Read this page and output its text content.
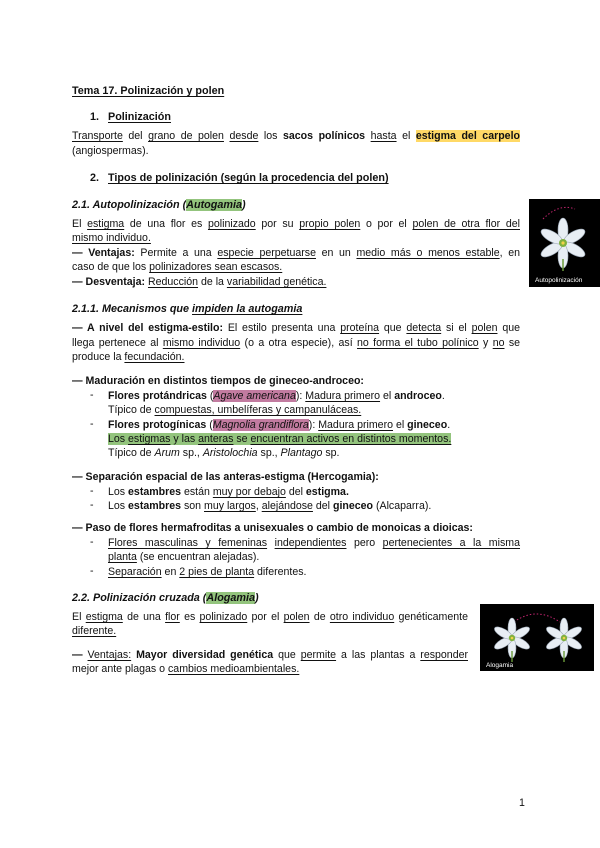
Tema 17. Polinización y polen
1. Polinización
Transporte del grano de polen desde los sacos polínicos hasta el estigma del carpelo
(angiospermas).
2. Tipos de polinización (según la procedencia del polen)
2.1. Autopolinización (Autogamia)
El estigma de una flor es polinizado por su propio polen o por el polen de otra flor del
mismo individuo.
— Ventajas: Permite a una especie perpetuarse en un medio más o menos estable, en
caso de que los polinizadores sean escasos.
— Desventaja: Reducción de la variabilidad genética.	Autopolinización
2.1.1. Mecanismos que impiden la autogamia
— A nivel del estigma-estilo: El estilo presenta una proteína que detecta si el polen que
llega pertenece al mismo individuo (o a otra especie), así no forma el tubo polínico y no se
produce la fecundación.
— Maduración en distintos tiempos de gineceo-androceo:
-	Flores protándricas (Agave americana): Madura primero el androceo.
Típico de compuestas, umbelíferas y campanuláceas.
-	Flores protogínicas (Magnolia grandiflora): Madura primero el gineceo.
Los estigmas y las anteras se encuentran activos en distintos momentos.
Típico de Arum sp., Aristolochia sp., Plantago sp.
— Separación espacial de las anteras-estigma (Hercogamia):
-	Los estambres están muy por debajo del estigma.
-	Los estambres son muy largos, alejándose del gineceo (Alcaparra).
— Paso de flores hermafroditas a unisexuales o cambio de monoicas a dioicas:
-	Flores masculinas y femeninas independientes pero pertenecientes a la misma
planta (se encuentran alejadas).
-	Separación en 2 pies de planta diferentes.
2.2. Polinización cruzada (Alogamia)
El estigma de una flor es polinizado por el polen de otro individuo genéticamente
diferente.
— Ventajas: Mayor diversidad genética que permite a las plantas a responder
mejor ante plagas o cambios medioambientales.	Alogamia
1
